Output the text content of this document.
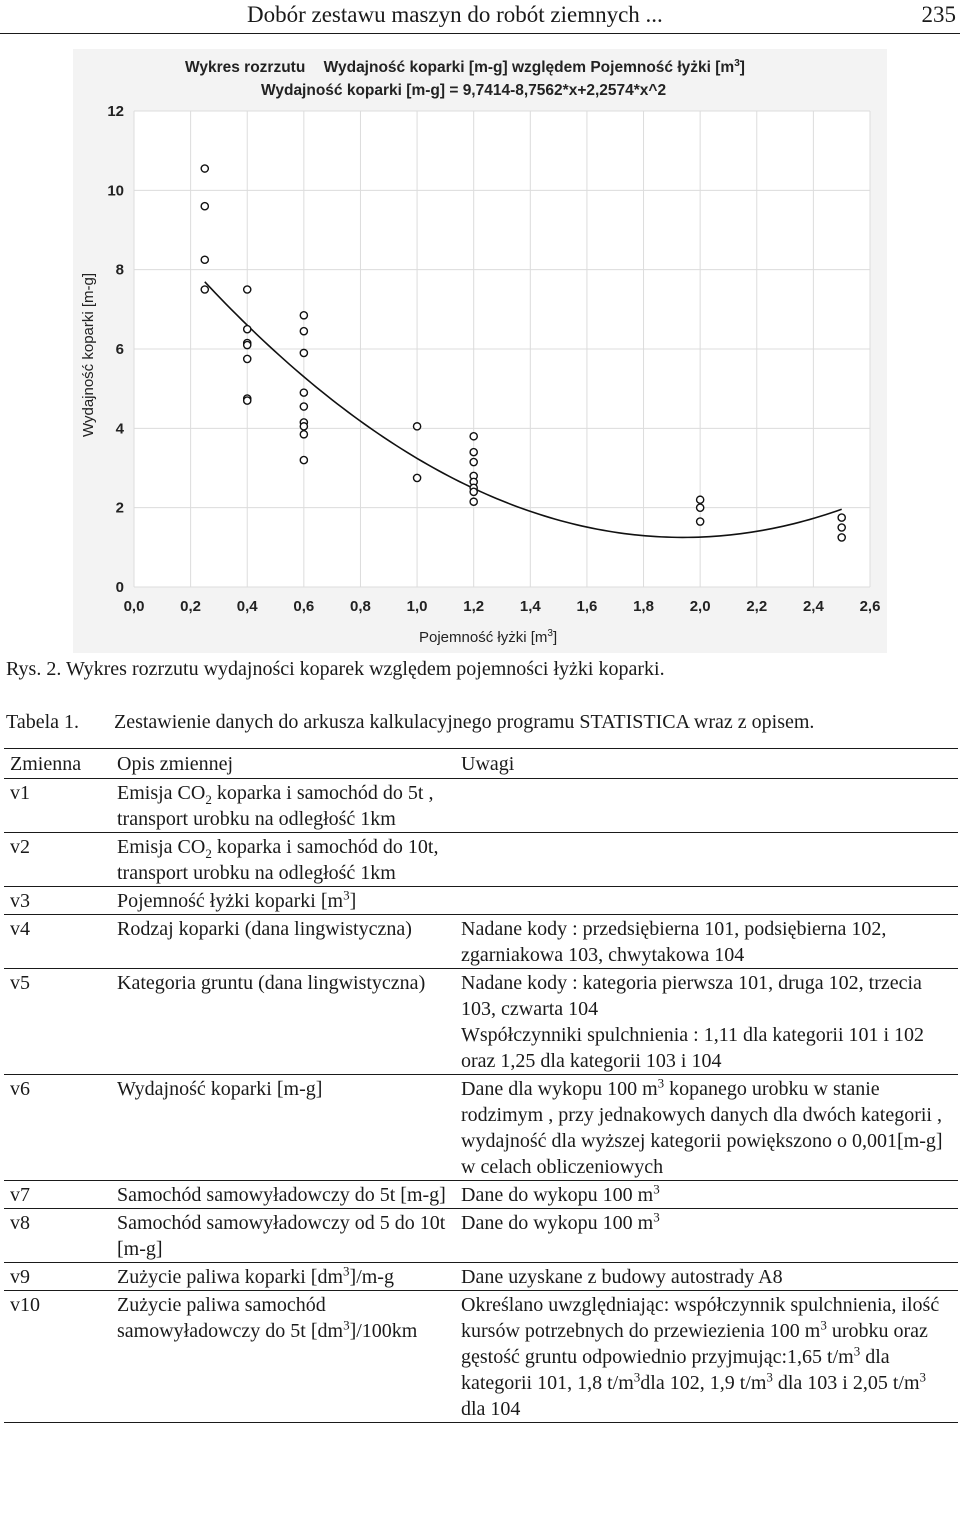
Dobór zestawu maszyn do robót ziemnych ...	235
Wykres rozrzutu Wydajność koparki [m-g] względem Pojemność łyżki $[m^3]$
Wydajność koparki [m-g] = 9,7414-8,7562*x+2,2574*x^2
0,0 0,2 0,4 0,6 0,8 1,0 1,2 1,4 1,6 1,8 2,0 2,2 2,4 2,6
0
2
4
6
8
10
12
Pojemność łyżki $[m^3]$
Wydajność koparki [m-g]
Rys. 2. Wykres rozrzutu wydajności koparek względem pojemności łyżki koparki.
Tabela 1. Zestawienie danych do arkusza kalkulacyjnego programu STATISTICA wraz z opisem.
Zmienna	Opis zmiennej	Uwagi
v1	Emisja $CO_2$ koparka i samochód do 5t , transport urobku na odległość 1km	
v2	Emisja $CO_2$ koparka i samochód do 10t, transport urobku na odległość 1km	
v3	Pojemność łyżki koparki $[m^3]$	
v4	Rodzaj koparki (dana lingwistyczna)	Nadane kody : przedsiębierna 101, podsiębierna 102, zgarniakowa 103, chwytakowa 104
v5	Kategoria gruntu (dana lingwistyczna)	Nadane kody : kategoria pierwsza 101, druga 102, trzecia 103, czwarta 104
Współczynniki spulchnienia : 1,11 dla kategorii 101 i 102 oraz 1,25 dla kategorii 103 i 104

v6	Wydajność koparki [m-g]	Dane dla wykopu 100 $m^3$ kopanego urobku w stanie rodzimym , przy jednakowych danych dla dwóch kategorii , wydajność dla wyższej kategorii powiększono o 0,001[m-g] w celach obliczeniowych
v7	Samochód samowyładowczy do 5t [m-g]	Dane do wykopu 100 $m^3$
v8	Samochód samowyładowczy od 5 do 10t [m-g]	Dane do wykopu 100 $m^3$
v9	Zużycie paliwa koparki $[dm^3]/m-g$	Dane uzyskane z budowy autostrady A8
v10	Zużycie paliwa samochód samowyładowczy do 5t $[dm^3]/100km$	Określano uwzględniając: współczynnik spulchnienia, ilość kursów potrzebnych do przewiezienia 100 $m^3$ urobku oraz gęstość gruntu odpowiednio przyjmując:1,65 $t/m^3$ dla kategorii 101, 1,8 $t/m^3dla$ 102, 1,9 $t/m^3$ dla 103 i 2,05 $t/m^3$ dla 104
